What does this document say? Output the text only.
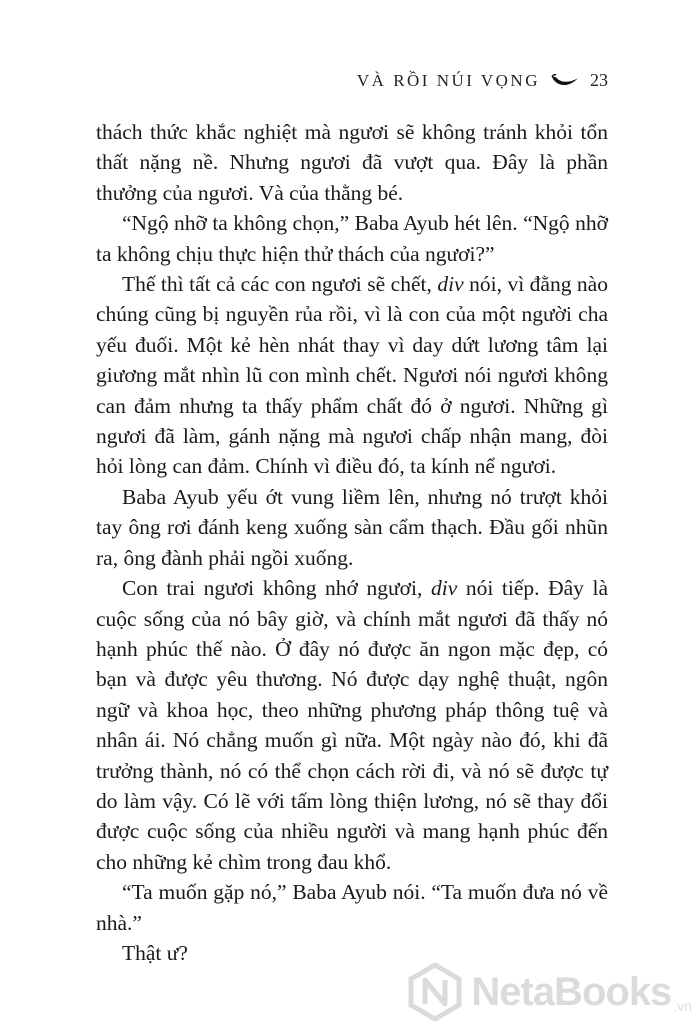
VÀ RỒI NÚI VỌNG	23

thách thức khắc nghiệt mà ngươi sẽ không tránh khỏi tổn thất nặng nề. Nhưng ngươi đã vượt qua. Đây là phần thưởng của ngươi. Và của thằng bé.

“Ngộ nhỡ ta không chọn,” Baba Ayub hét lên. “Ngộ nhỡ ta không chịu thực hiện thử thách của ngươi?”

Thế thì tất cả các con ngươi sẽ chết, div nói, vì đằng nào chúng cũng bị nguyền rủa rồi, vì là con của một người cha yếu đuối. Một kẻ hèn nhát thay vì day dứt lương tâm lại giương mắt nhìn lũ con mình chết. Ngươi nói ngươi không can đảm nhưng ta thấy phẩm chất đó ở ngươi. Những gì ngươi đã làm, gánh nặng mà ngươi chấp nhận mang, đòi hỏi lòng can đảm. Chính vì điều đó, ta kính nể ngươi.

Baba Ayub yếu ớt vung liềm lên, nhưng nó trượt khỏi tay ông rơi đánh keng xuống sàn cẩm thạch. Đầu gối nhũn ra, ông đành phải ngồi xuống.

Con trai ngươi không nhớ ngươi, div nói tiếp. Đây là cuộc sống của nó bây giờ, và chính mắt ngươi đã thấy nó hạnh phúc thế nào. Ở đây nó được ăn ngon mặc đẹp, có bạn và được yêu thương. Nó được dạy nghệ thuật, ngôn ngữ và khoa học, theo những phương pháp thông tuệ và nhân ái. Nó chẳng muốn gì nữa. Một ngày nào đó, khi đã trưởng thành, nó có thể chọn cách rời đi, và nó sẽ được tự do làm vậy. Có lẽ với tấm lòng thiện lương, nó sẽ thay đổi được cuộc sống của nhiều người và mang hạnh phúc đến cho những kẻ chìm trong đau khổ.

“Ta muốn gặp nó,” Baba Ayub nói. “Ta muốn đưa nó về nhà.”

Thật ư?

NetaBooks .vn
